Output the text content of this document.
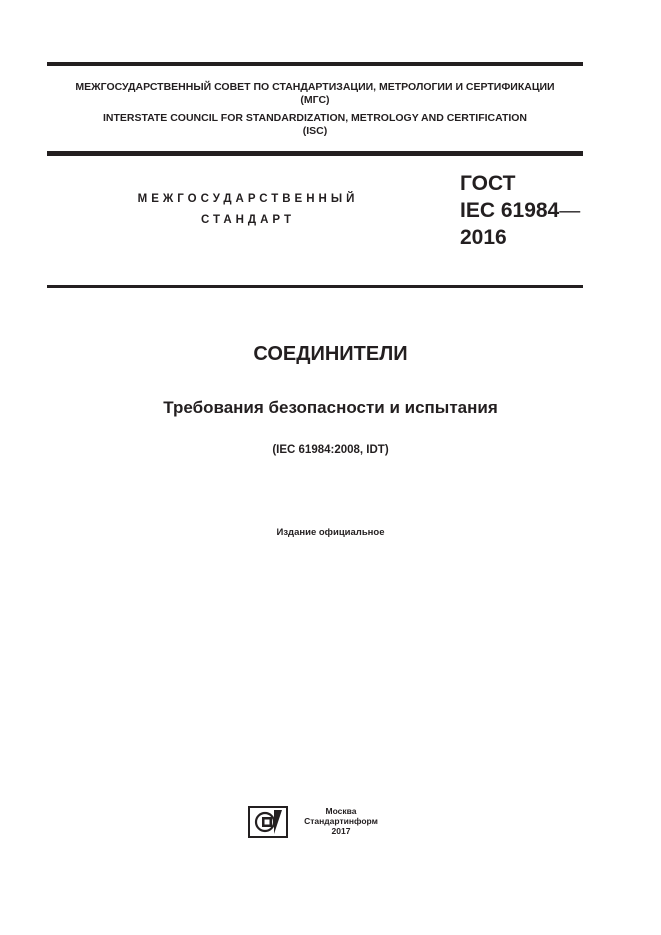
МЕЖГОСУДАРСТВЕННЫЙ СОВЕТ ПО СТАНДАРТИЗАЦИИ, МЕТРОЛОГИИ И СЕРТИФИКАЦИИ
(МГС)
INTERSTATE COUNCIL FOR STANDARDIZATION, METROLOGY AND CERTIFICATION
(ISC)
МЕЖГОСУДАРСТВЕННЫЙ
СТАНДАРТ
ГОСТ
IEC 61984—
2016
СОЕДИНИТЕЛИ
Требования безопасности и испытания
(IEC 61984:2008, IDT)
Издание официальное
Москва
Стандартинформ
2017
